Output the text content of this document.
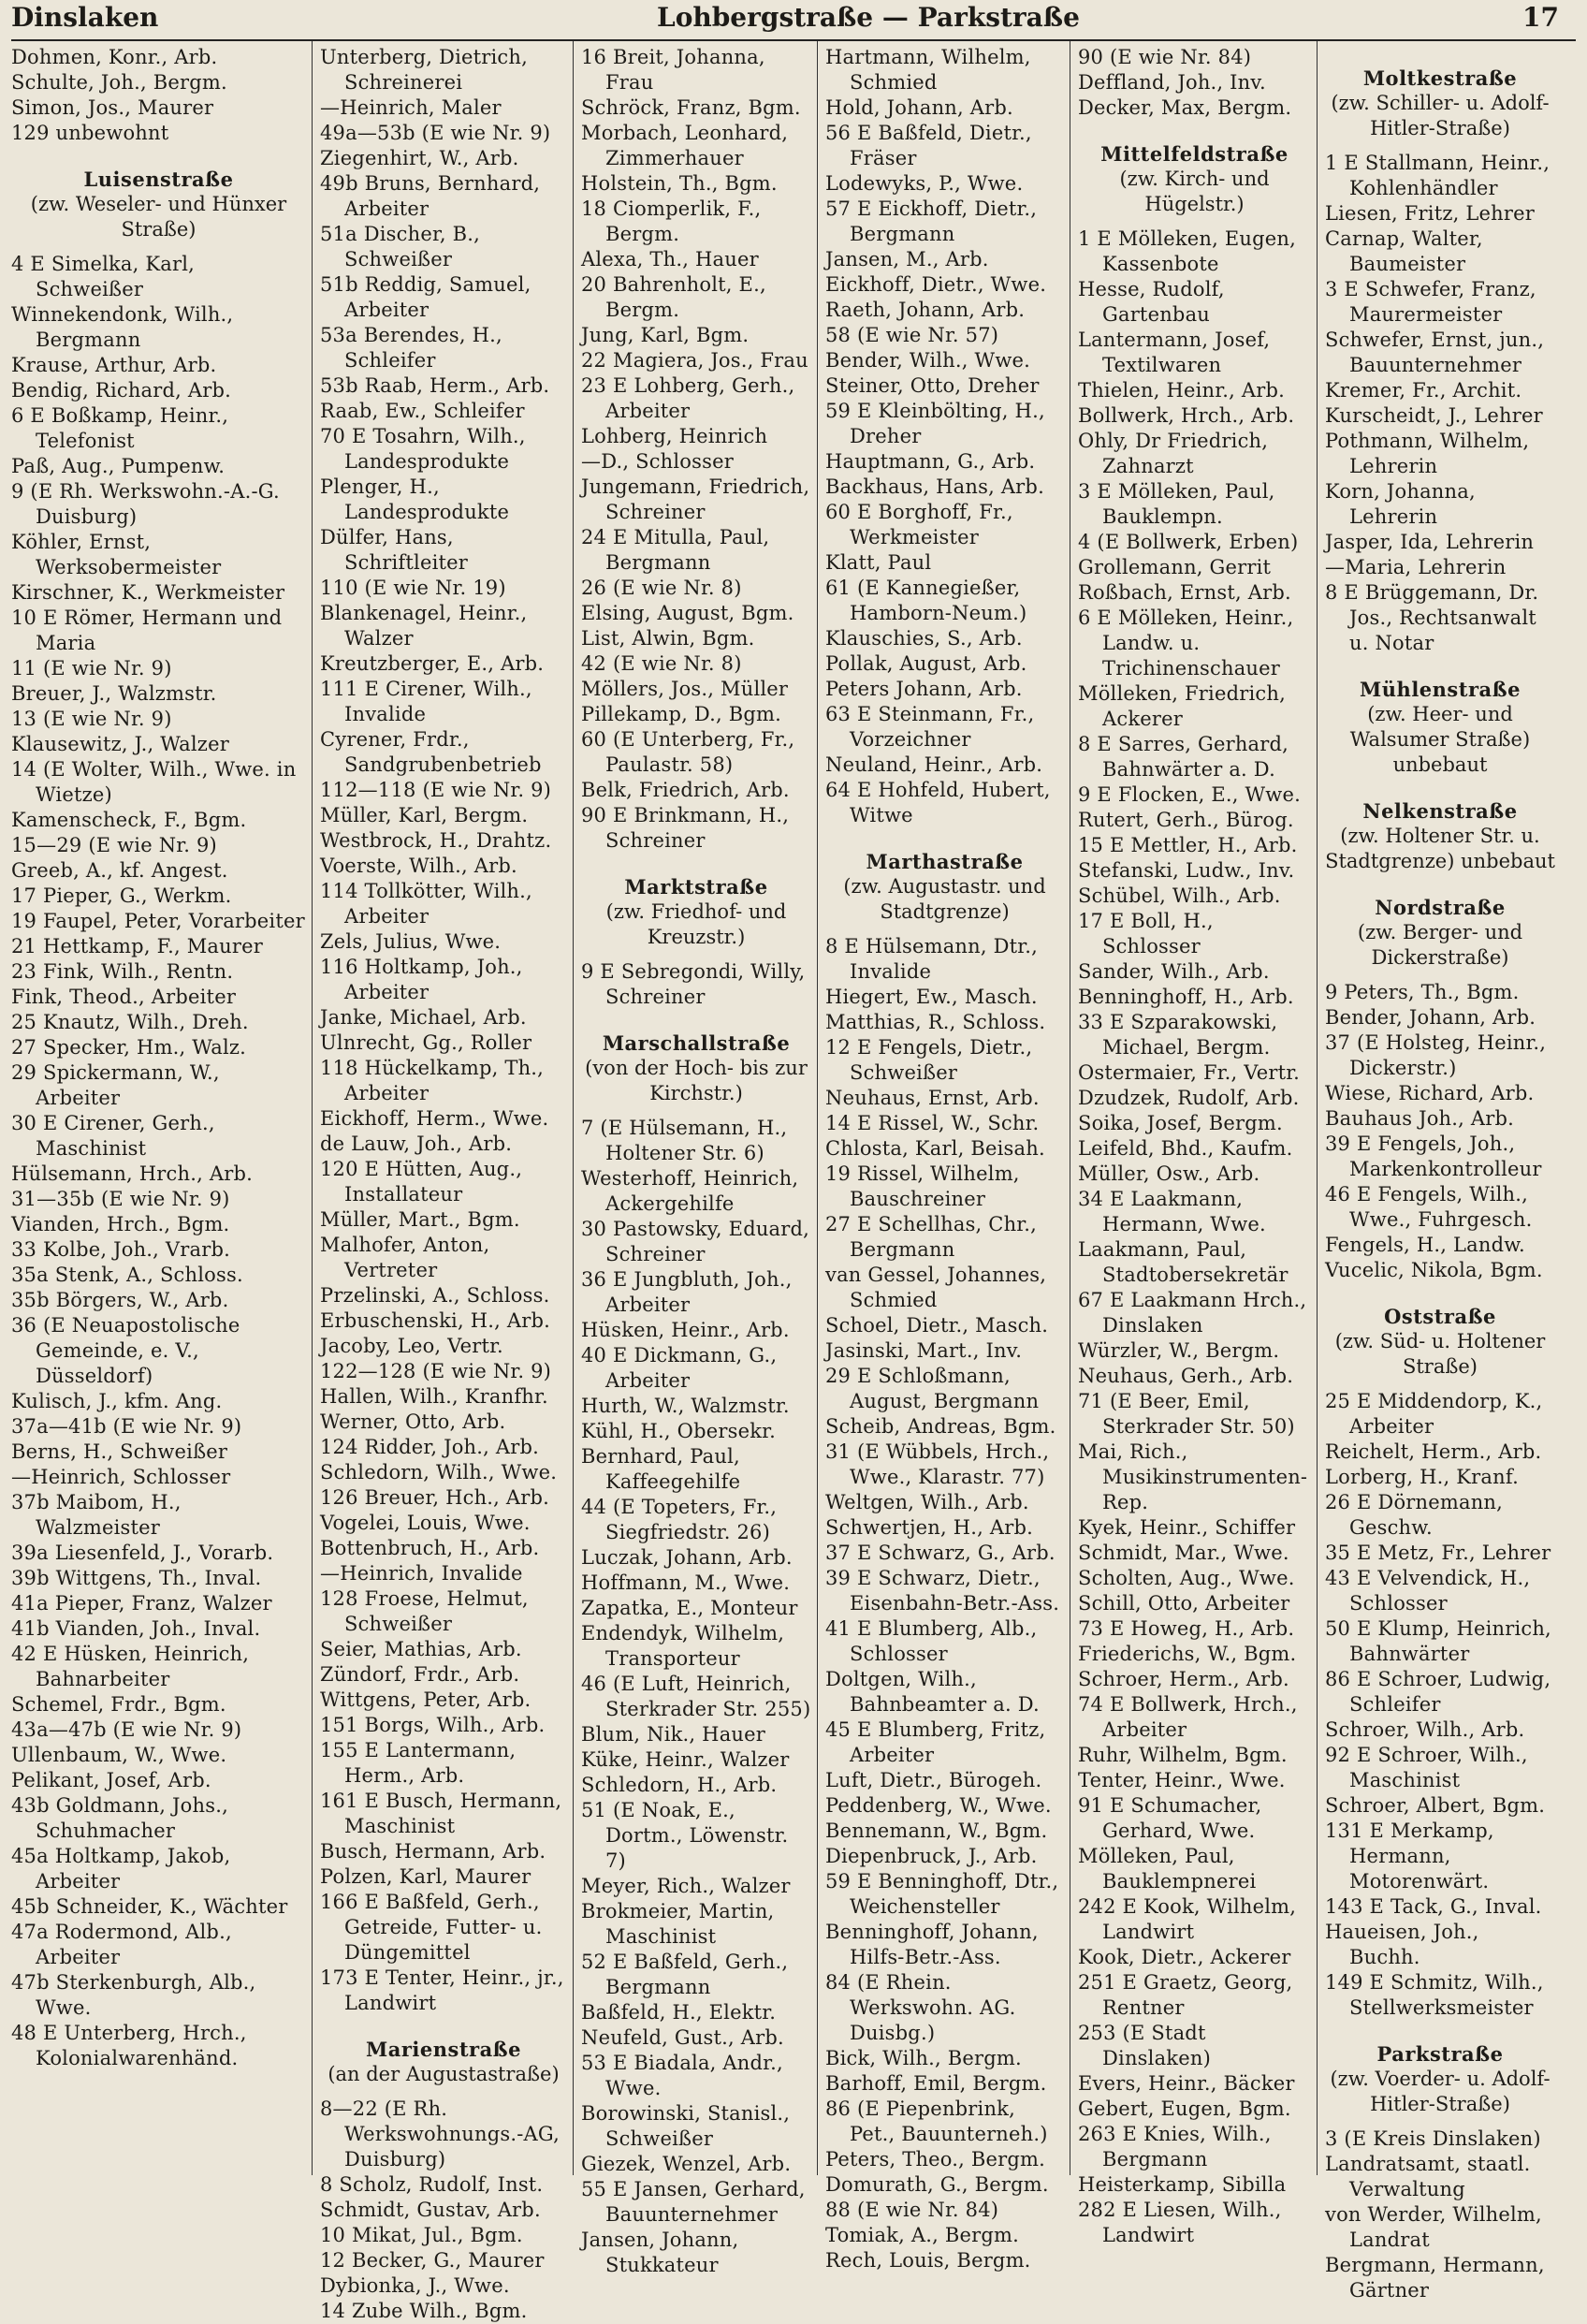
Dinslaken	Lohbergstraße — Parkstraße	17

Dohmen, Konr., Arb.

Schulte, Joh., Bergm.

Simon, Jos., Maurer

129 unbewohnt

Luisenstraße
(zw. Weseler- und Hünxer Straße)

4 E Simelka, Karl, Schweißer

Winnekendonk, Wilh., Bergmann

Krause, Arthur, Arb.

Bendig, Richard, Arb.

6 E Boßkamp, Heinr., Telefonist

Paß, Aug., Pumpenw.

9 (E Rh. Werkswohn.-A.-G. Duisburg)

Köhler, Ernst, Werksobermeister

Kirschner, K., Werkmeister

10 E Römer, Hermann und Maria

11 (E wie Nr. 9)

Breuer, J., Walzmstr.

13 (E wie Nr. 9)

Klausewitz, J., Walzer

14 (E Wolter, Wilh., Wwe. in Wietze)

Kamenscheck, F., Bgm.

15—29 (E wie Nr. 9)

Greeb, A., kf. Angest.

17 Pieper, G., Werkm.

19 Faupel, Peter, Vorarbeiter

21 Hettkamp, F., Maurer

23 Fink, Wilh., Rentn.

Fink, Theod., Arbeiter

25 Knautz, Wilh., Dreh.

27 Specker, Hm., Walz.

29 Spickermann, W., Arbeiter

30 E Cirener, Gerh., Maschinist

Hülsemann, Hrch., Arb.

31—35b (E wie Nr. 9)

Vianden, Hrch., Bgm.

33 Kolbe, Joh., Vrarb.

35a Stenk, A., Schloss.

35b Börgers, W., Arb.

36 (E Neuapostolische Gemeinde, e. V., Düsseldorf)

Kulisch, J., kfm. Ang.

37a—41b (E wie Nr. 9)

Berns, H., Schweißer

—Heinrich, Schlosser

37b Maibom, H., Walzmeister

39a Liesenfeld, J., Vorarb.

39b Wittgens, Th., Inval.

41a Pieper, Franz, Walzer

41b Vianden, Joh., Inval.

42 E Hüsken, Heinrich, Bahnarbeiter

Schemel, Frdr., Bgm.

43a—47b (E wie Nr. 9)

Ullenbaum, W., Wwe.

Pelikant, Josef, Arb.

43b Goldmann, Johs., Schuhmacher

45a Holtkamp, Jakob, Arbeiter

45b Schneider, K., Wächter

47a Rodermond, Alb., Arbeiter

47b Sterkenburgh, Alb., Wwe.

48 E Unterberg, Hrch., Kolonialwarenhänd.

Unterberg, Dietrich, Schreinerei

—Heinrich, Maler

49a—53b (E wie Nr. 9)

Ziegenhirt, W., Arb.

49b Bruns, Bernhard, Arbeiter

51a Discher, B., Schweißer

51b Reddig, Samuel, Arbeiter

53a Berendes, H., Schleifer

53b Raab, Herm., Arb.

Raab, Ew., Schleifer

70 E Tosahrn, Wilh., Landesprodukte

Plenger, H., Landesprodukte

Dülfer, Hans, Schriftleiter

110 (E wie Nr. 19)

Blankenagel, Heinr., Walzer

Kreutzberger, E., Arb.

111 E Cirener, Wilh., Invalide

Cyrener, Frdr., Sandgrubenbetrieb

112—118 (E wie Nr. 9)

Müller, Karl, Bergm.

Westbrock, H., Drahtz.

Voerste, Wilh., Arb.

114 Tollkötter, Wilh., Arbeiter

Zels, Julius, Wwe.

116 Holtkamp, Joh., Arbeiter

Janke, Michael, Arb.

Ulnrecht, Gg., Roller

118 Hückelkamp, Th., Arbeiter

Eickhoff, Herm., Wwe.

de Lauw, Joh., Arb.

120 E Hütten, Aug., Installateur

Müller, Mart., Bgm.

Malhofer, Anton, Vertreter

Przelinski, A., Schloss.

Erbuschenski, H., Arb.

Jacoby, Leo, Vertr.

122—128 (E wie Nr. 9)

Hallen, Wilh., Kranfhr.

Werner, Otto, Arb.

124 Ridder, Joh., Arb.

Schledorn, Wilh., Wwe.

126 Breuer, Hch., Arb.

Vogelei, Louis, Wwe.

Bottenbruch, H., Arb.

—Heinrich, Invalide

128 Froese, Helmut, Schweißer

Seier, Mathias, Arb.

Zündorf, Frdr., Arb.

Wittgens, Peter, Arb.

151 Borgs, Wilh., Arb.

155 E Lantermann, Herm., Arb.

161 E Busch, Hermann, Maschinist

Busch, Hermann, Arb.

Polzen, Karl, Maurer

166 E Baßfeld, Gerh., Getreide, Futter- u. Düngemittel

173 E Tenter, Heinr., jr., Landwirt

Marienstraße
(an der Augustastraße)

8—22 (E Rh. Werkswohnungs.-AG, Duisburg)

8 Scholz, Rudolf, Inst.

Schmidt, Gustav, Arb.

10 Mikat, Jul., Bgm.

12 Becker, G., Maurer

Dybionka, J., Wwe.

14 Zube Wilh., Bgm.

16 Breit, Johanna, Frau

Schröck, Franz, Bgm.

Morbach, Leonhard, Zimmerhauer

Holstein, Th., Bgm.

18 Ciomperlik, F., Bergm.

Alexa, Th., Hauer

20 Bahrenholt, E., Bergm.

Jung, Karl, Bgm.

22 Magiera, Jos., Frau

23 E Lohberg, Gerh., Arbeiter

Lohberg, Heinrich

—D., Schlosser

Jungemann, Friedrich, Schreiner

24 E Mitulla, Paul, Bergmann

26 (E wie Nr. 8)

Elsing, August, Bgm.

List, Alwin, Bgm.

42 (E wie Nr. 8)

Möllers, Jos., Müller

Pillekamp, D., Bgm.

60 (E Unterberg, Fr., Paulastr. 58)

Belk, Friedrich, Arb.

90 E Brinkmann, H., Schreiner

Marktstraße
(zw. Friedhof- und Kreuzstr.)

9 E Sebregondi, Willy, Schreiner

Marschallstraße
(von der Hoch- bis zur Kirchstr.)

7 (E Hülsemann, H., Holtener Str. 6)

Westerhoff, Heinrich, Ackergehilfe

30 Pastowsky, Eduard, Schreiner

36 E Jungbluth, Joh., Arbeiter

Hüsken, Heinr., Arb.

40 E Dickmann, G., Arbeiter

Hurth, W., Walzmstr.

Kühl, H., Obersekr.

Bernhard, Paul, Kaffeegehilfe

44 (E Topeters, Fr., Siegfriedstr. 26)

Luczak, Johann, Arb.

Hoffmann, M., Wwe.

Zapatka, E., Monteur

Endendyk, Wilhelm, Transporteur

46 (E Luft, Heinrich, Sterkrader Str. 255)

Blum, Nik., Hauer

Küke, Heinr., Walzer

Schledorn, H., Arb.

51 (E Noak, E., Dortm., Löwenstr. 7)

Meyer, Rich., Walzer

Brokmeier, Martin, Maschinist

52 E Baßfeld, Gerh., Bergmann

Baßfeld, H., Elektr.

Neufeld, Gust., Arb.

53 E Biadala, Andr., Wwe.

Borowinski, Stanisl., Schweißer

Giezek, Wenzel, Arb.

55 E Jansen, Gerhard, Bauunternehmer

Jansen, Johann, Stukkateur

Hartmann, Wilhelm, Schmied

Hold, Johann, Arb.

56 E Baßfeld, Dietr., Fräser

Lodewyks, P., Wwe.

57 E Eickhoff, Dietr., Bergmann

Jansen, M., Arb.

Eickhoff, Dietr., Wwe.

Raeth, Johann, Arb.

58 (E wie Nr. 57)

Bender, Wilh., Wwe.

Steiner, Otto, Dreher

59 E Kleinbölting, H., Dreher

Hauptmann, G., Arb.

Backhaus, Hans, Arb.

60 E Borghoff, Fr., Werkmeister

Klatt, Paul

61 (E Kannegießer, Hamborn-Neum.)

Klauschies, S., Arb.

Pollak, August, Arb.

Peters Johann, Arb.

63 E Steinmann, Fr., Vorzeichner

Neuland, Heinr., Arb.

64 E Hohfeld, Hubert, Witwe

Marthastraße
(zw. Augustastr. und Stadtgrenze)

8 E Hülsemann, Dtr., Invalide

Hiegert, Ew., Masch.

Matthias, R., Schloss.

12 E Fengels, Dietr., Schweißer

Neuhaus, Ernst, Arb.

14 E Rissel, W., Schr.

Chlosta, Karl, Beisah.

19 Rissel, Wilhelm, Bauschreiner

27 E Schellhas, Chr., Bergmann

van Gessel, Johannes, Schmied

Schoel, Dietr., Masch.

Jasinski, Mart., Inv.

29 E Schloßmann, August, Bergmann

Scheib, Andreas, Bgm.

31 (E Wübbels, Hrch., Wwe., Klarastr. 77)

Weltgen, Wilh., Arb.

Schwertjen, H., Arb.

37 E Schwarz, G., Arb.

39 E Schwarz, Dietr., Eisenbahn-Betr.-Ass.

41 E Blumberg, Alb., Schlosser

Doltgen, Wilh., Bahnbeamter a. D.

45 E Blumberg, Fritz, Arbeiter

Luft, Dietr., Bürogeh.

Peddenberg, W., Wwe.

Bennemann, W., Bgm.

Diepenbruck, J., Arb.

59 E Benninghoff, Dtr., Weichensteller

Benninghoff, Johann, Hilfs-Betr.-Ass.

84 (E Rhein. Werkswohn. AG. Duisbg.)

Bick, Wilh., Bergm.

Barhoff, Emil, Bergm.

86 (E Piepenbrink, Pet., Bauunterneh.)

Peters, Theo., Bergm.

Domurath, G., Bergm.

88 (E wie Nr. 84)

Tomiak, A., Bergm.

Rech, Louis, Bergm.

90 (E wie Nr. 84)

Deffland, Joh., Inv.

Decker, Max, Bergm.

Mittelfeldstraße
(zw. Kirch- und Hügelstr.)

1 E Mölleken, Eugen, Kassenbote

Hesse, Rudolf, Gartenbau

Lantermann, Josef, Textilwaren

Thielen, Heinr., Arb.

Bollwerk, Hrch., Arb.

Ohly, Dr Friedrich, Zahnarzt

3 E Mölleken, Paul, Bauklempn.

4 (E Bollwerk, Erben)

Grollemann, Gerrit

Roßbach, Ernst, Arb.

6 E Mölleken, Heinr., Landw. u. Trichinenschauer

Mölleken, Friedrich, Ackerer

8 E Sarres, Gerhard, Bahnwärter a. D.

9 E Flocken, E., Wwe.

Rutert, Gerh., Bürog.

15 E Mettler, H., Arb.

Stefanski, Ludw., Inv.

Schübel, Wilh., Arb.

17 E Boll, H., Schlosser

Sander, Wilh., Arb.

Benninghoff, H., Arb.

33 E Szparakowski, Michael, Bergm.

Ostermaier, Fr., Vertr.

Dzudzek, Rudolf, Arb.

Soika, Josef, Bergm.

Leifeld, Bhd., Kaufm.

Müller, Osw., Arb.

34 E Laakmann, Hermann, Wwe.

Laakmann, Paul, Stadtobersekretär

67 E Laakmann Hrch., Dinslaken

Würzler, W., Bergm.

Neuhaus, Gerh., Arb.

71 (E Beer, Emil, Sterkrader Str. 50)

Mai, Rich., Musikinstrumenten-Rep.

Kyek, Heinr., Schiffer

Schmidt, Mar., Wwe.

Scholten, Aug., Wwe.

Schill, Otto, Arbeiter

73 E Howeg, H., Arb.

Friederichs, W., Bgm.

Schroer, Herm., Arb.

74 E Bollwerk, Hrch., Arbeiter

Ruhr, Wilhelm, Bgm.

Tenter, Heinr., Wwe.

91 E Schumacher, Gerhard, Wwe.

Mölleken, Paul, Bauklempnerei

242 E Kook, Wilhelm, Landwirt

Kook, Dietr., Ackerer

251 E Graetz, Georg, Rentner

253 (E Stadt Dinslaken)

Evers, Heinr., Bäcker

Gebert, Eugen, Bgm.

263 E Knies, Wilh., Bergmann

Heisterkamp, Sibilla

282 E Liesen, Wilh., Landwirt

Moltkestraße
(zw. Schiller- u. Adolf-Hitler-Straße)

1 E Stallmann, Heinr., Kohlenhändler

Liesen, Fritz, Lehrer

Carnap, Walter, Baumeister

3 E Schwefer, Franz, Maurermeister

Schwefer, Ernst, jun., Bauunternehmer

Kremer, Fr., Archit.

Kurscheidt, J., Lehrer

Pothmann, Wilhelm, Lehrerin

Korn, Johanna, Lehrerin

Jasper, Ida, Lehrerin

—Maria, Lehrerin

8 E Brüggemann, Dr. Jos., Rechtsanwalt u. Notar

Mühlenstraße
(zw. Heer- und Walsumer Straße) unbebaut
Nelkenstraße
(zw. Holtener Str. u. Stadtgrenze) unbebaut
Nordstraße
(zw. Berger- und Dickerstraße)

9 Peters, Th., Bgm.

Bender, Johann, Arb.

37 (E Holsteg, Heinr., Dickerstr.)

Wiese, Richard, Arb.

Bauhaus Joh., Arb.

39 E Fengels, Joh., Markenkontrolleur

46 E Fengels, Wilh., Wwe., Fuhrgesch.

Fengels, H., Landw.

Vucelic, Nikola, Bgm.

Oststraße
(zw. Süd- u. Holtener Straße)

25 E Middendorp, K., Arbeiter

Reichelt, Herm., Arb.

Lorberg, H., Kranf.

26 E Dörnemann, Geschw.

35 E Metz, Fr., Lehrer

43 E Velvendick, H., Schlosser

50 E Klump, Heinrich, Bahnwärter

86 E Schroer, Ludwig, Schleifer

Schroer, Wilh., Arb.

92 E Schroer, Wilh., Maschinist

Schroer, Albert, Bgm.

131 E Merkamp, Hermann, Motorenwärt.

143 E Tack, G., Inval.

Haueisen, Joh., Buchh.

149 E Schmitz, Wilh., Stellwerksmeister

Parkstraße
(zw. Voerder- u. Adolf-Hitler-Straße)

3 (E Kreis Dinslaken)

Landratsamt, staatl. Verwaltung

von Werder, Wilhelm, Landrat

Bergmann, Hermann, Gärtner
